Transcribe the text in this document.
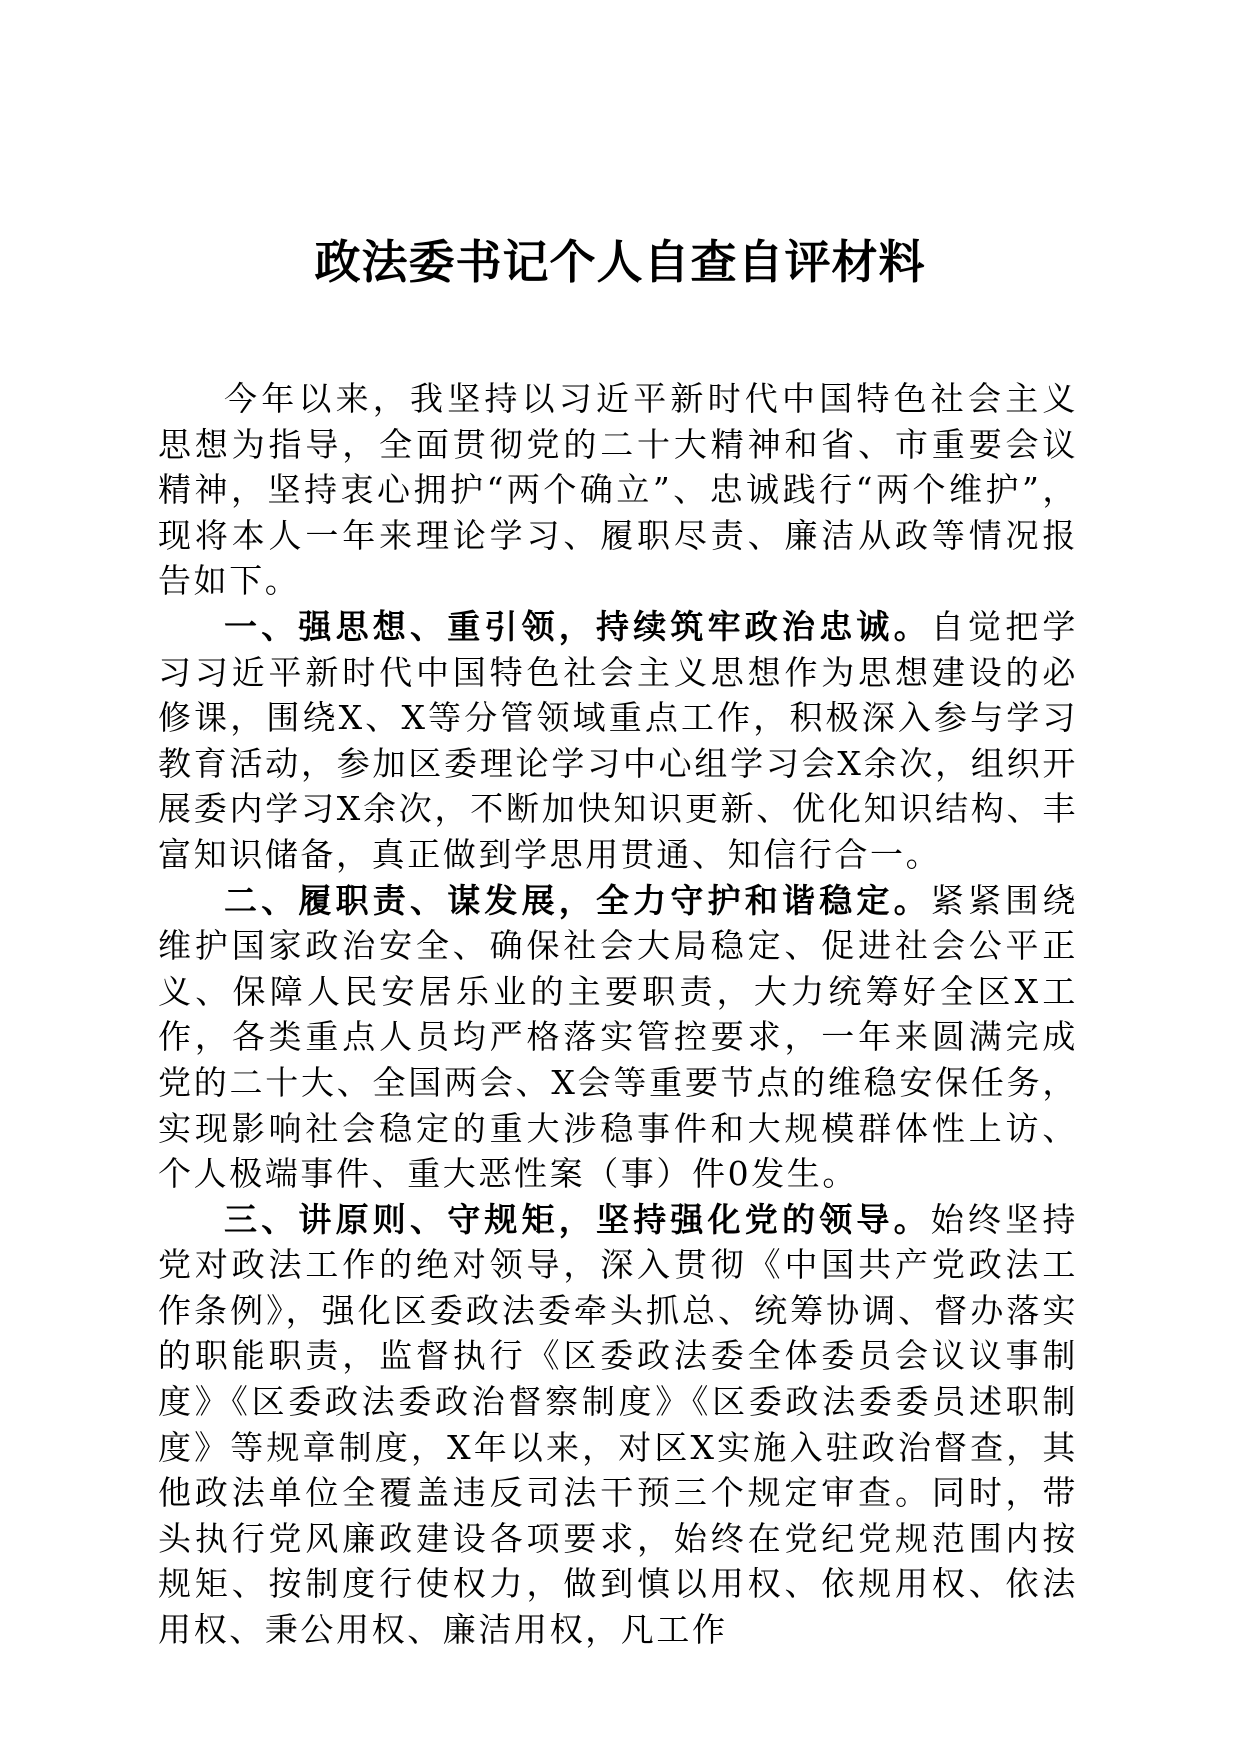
政法委书记个人自查自评材料

今年以来，我坚持以习近平新时代中国特色社会主义思想为指导，全面贯彻党的二十大精神和省、市重要会议精神，坚持衷心拥护“两个确立”、忠诚践行“两个维护”，现将本人一年来理论学习、履职尽责、廉洁从政等情况报告如下。

一、强思想、重引领，持续筑牢政治忠诚。自觉把学习习近平新时代中国特色社会主义思想作为思想建设的必修课，围绕X、X等分管领域重点工作，积极深入参与学习教育活动，参加区委理论学习中心组学习会X余次，组织开展委内学习X余次，不断加快知识更新、优化知识结构、丰富知识储备，真正做到学思用贯通、知信行合一。

二、履职责、谋发展，全力守护和谐稳定。紧紧围绕维护国家政治安全、确保社会大局稳定、促进社会公平正义、保障人民安居乐业的主要职责，大力统筹好全区X工作，各类重点人员均严格落实管控要求，一年来圆满完成党的二十大、全国两会、X会等重要节点的维稳安保任务，实现影响社会稳定的重大涉稳事件和大规模群体性上访、个人极端事件、重大恶性案（事）件0发生。

三、讲原则、守规矩，坚持强化党的领导。始终坚持党对政法工作的绝对领导，深入贯彻《中国共产党政法工作条例》，强化区委政法委牵头抓总、统筹协调、督办落实的职能职责，监督执行《区委政法委全体委员会议议事制度》《区委政法委政治督察制度》《区委政法委委员述职制度》等规章制度，X年以来，对区X实施入驻政治督查，其他政法单位全覆盖违反司法干预三个规定审查。同时，带头执行党风廉政建设各项要求，始终在党纪党规范围内按规矩、按制度行使权力，做到慎以用权、依规用权、依法用权、秉公用权、廉洁用权，凡工作
